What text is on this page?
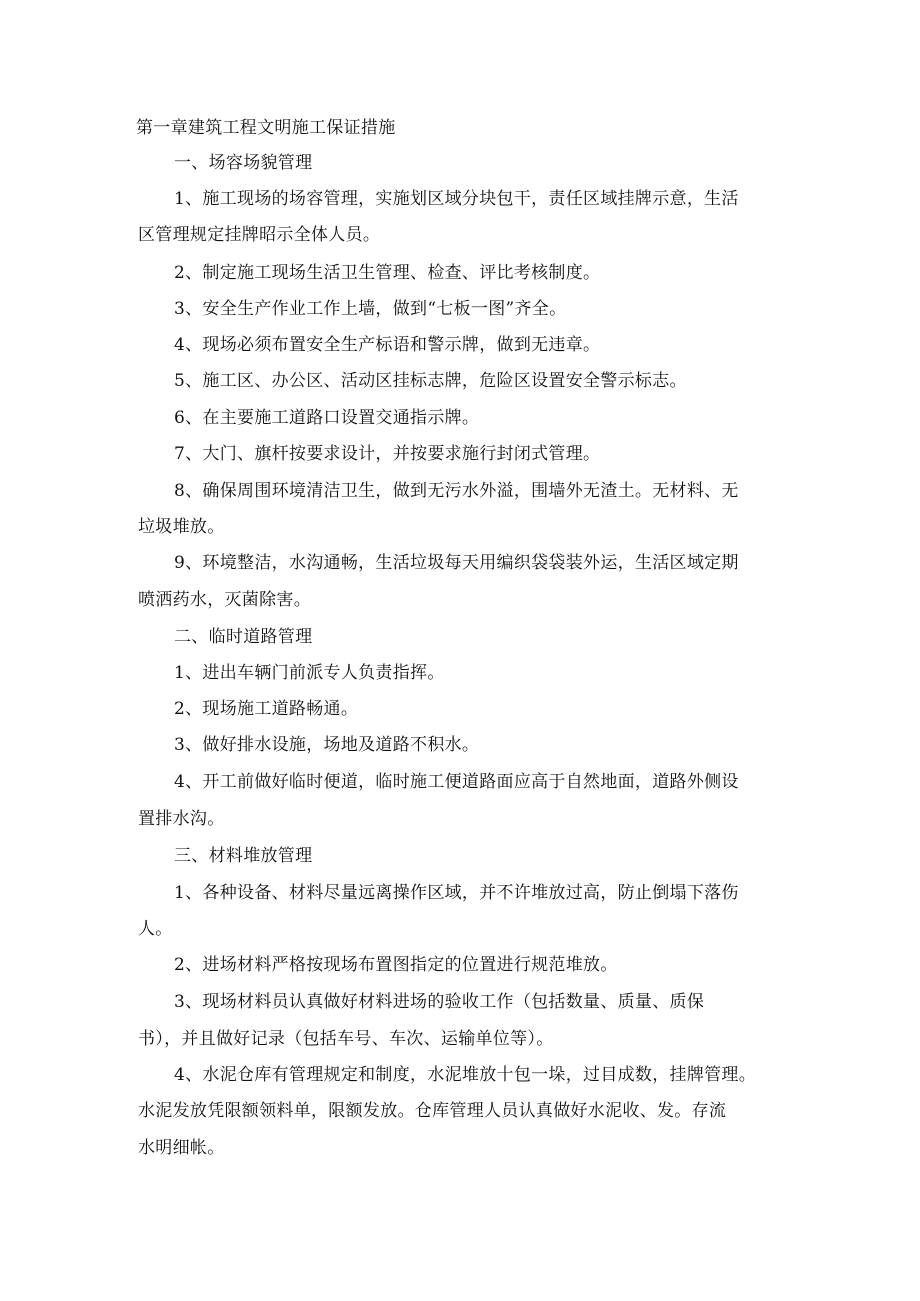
第一章建筑工程文明施工保证措施
一、场容场貌管理
1、施工现场的场容管理，实施划区域分块包干，责任区域挂牌示意，生活
区管理规定挂牌昭示全体人员。
2、制定施工现场生活卫生管理、检查、评比考核制度。
3、安全生产作业工作上墙，做到“七板一图”齐全。
4、现场必须布置安全生产标语和警示牌，做到无违章。
5、施工区、办公区、活动区挂标志牌，危险区设置安全警示标志。
6、在主要施工道路口设置交通指示牌。
7、大门、旗杆按要求设计，并按要求施行封闭式管理。
8、确保周围环境清洁卫生，做到无污水外溢，围墙外无渣土。无材料、无
垃圾堆放。
9、环境整洁，水沟通畅，生活垃圾每天用编织袋袋装外运，生活区域定期
喷洒药水，灭菌除害。
二、临时道路管理
1、进出车辆门前派专人负责指挥。
2、现场施工道路畅通。
3、做好排水设施，场地及道路不积水。
4、开工前做好临时便道，临时施工便道路面应高于自然地面，道路外侧设
置排水沟。
三、材料堆放管理
1、各种设备、材料尽量远离操作区域，并不许堆放过高，防止倒塌下落伤
人。
2、进场材料严格按现场布置图指定的位置进行规范堆放。
3、现场材料员认真做好材料进场的验收工作（包括数量、质量、质保
书），并且做好记录（包括车号、车次、运输单位等）。
4、水泥仓库有管理规定和制度，水泥堆放十包一垛，过目成数，挂牌管理。
水泥发放凭限额领料单，限额发放。仓库管理人员认真做好水泥收、发。存流
水明细帐。
